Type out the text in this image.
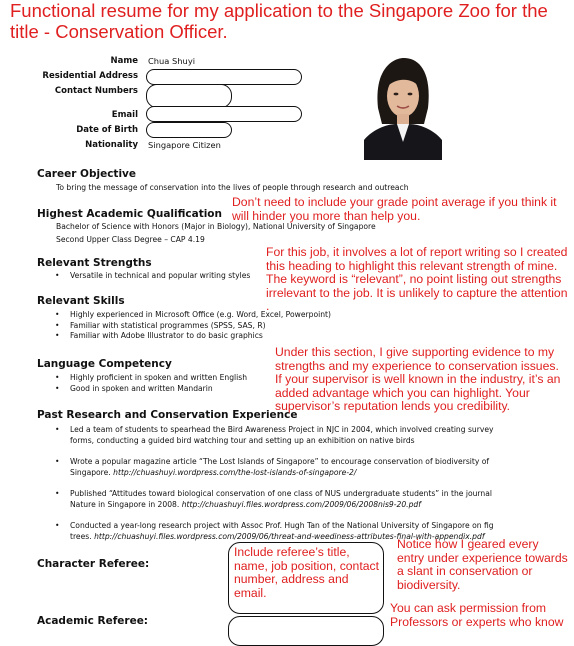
Functional resume for my application to the Singapore Zoo for the title - Conservation Officer.
Name Chua Shuyi
Residential Address
Contact Numbers
Email
Date of Birth
Nationality Singapore Citizen
Career Objective
To bring the message of conservation into the lives of people through research and outreach
Highest Academic Qualification
Bachelor of Science with Honors (Major in Biology), National University of Singapore
Second Upper Class Degree – CAP 4.19
Relevant Strengths
• Versatile in technical and popular writing styles
Relevant Skills
• Highly experienced in Microsoft Office (e.g. Word, Excel, Powerpoint)
• Familiar with statistical programmes (SPSS, SAS, R)
• Familiar with Adobe Illustrator to do basic graphics
Language Competency
• Highly proficient in spoken and written English
• Good in spoken and written Mandarin
Past Research and Conservation Experience
• Led a team of students to spearhead the Bird Awareness Project in NJC in 2004, which involved creating survey forms, conducting a guided bird watching tour and setting up an exhibition on native birds
• Wrote a popular magazine article “The Lost Islands of Singapore” to encourage conservation of biodiversity of Singapore. http://chuashuyi.wordpress.com/the-lost-islands-of-singapore-2/
• Published “Attitudes toward biological conservation of one class of NUS undergraduate students” in the journal Nature in Singapore in 2008. http://chuashuyi.files.wordpress.com/2009/06/2008nis9-20.pdf
• Conducted a year-long research project with Assoc Prof. Hugh Tan of the National University of Singapore on fig trees. http://chuashuyi.files.wordpress.com/2009/06/threat-and-weediness-attributes-final-with-appendix.pdf
Character Referee:
Academic Referee:
Include referee’s title, name, job position, contact number, address and email.
Don’t need to include your grade point average if you think it will hinder you more than help you.
For this job, it involves a lot of report writing so I created this heading to highlight this relevant strength of mine. The keyword is “relevant”, no point listing out strengths irrelevant to the job. It is unlikely to capture the attention .
Under this section, I give supporting evidence to my strengths and my experience to conservation issues. If your supervisor is well known in the industry, it’s an added advantage which you can highlight. Your supervisor’s reputation lends you credibility.
Notice how I geared every entry under experience towards a slant in conservation or biodiversity.
You can ask permission from Professors or experts who know
